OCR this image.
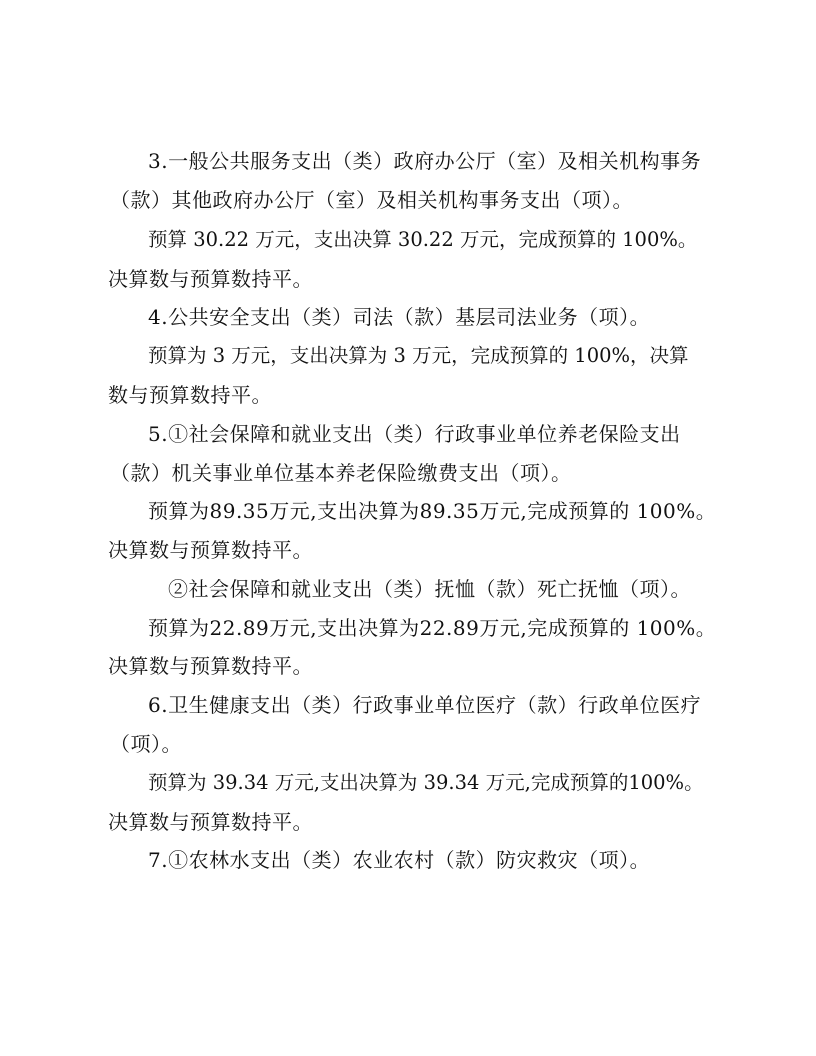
3.一般公共服务支出（类）政府办公厅（室）及相关机构事务
（款）其他政府办公厅（室）及相关机构事务支出（项）。
预算 30.22 万元，支出决算 30.22 万元，完成预算的 100%。
决算数与预算数持平。
4.公共安全支出（类）司法（款）基层司法业务（项）。
预算为 3 万元，支出决算为 3 万元，完成预算的 100%，决算
数与预算数持平。
5.①社会保障和就业支出（类）行政事业单位养老保险支出
（款）机关事业单位基本养老保险缴费支出（项）。
预算为89.35万元,支出决算为89.35万元,完成预算的 100%。
决算数与预算数持平。
②社会保障和就业支出（类）抚恤（款）死亡抚恤（项）。
预算为22.89万元,支出决算为22.89万元,完成预算的 100%。
决算数与预算数持平。
6.卫生健康支出（类）行政事业单位医疗（款）行政单位医疗
（项）。
预算为 39.34 万元,支出决算为 39.34 万元,完成预算的100%。
决算数与预算数持平。
7.①农林水支出（类）农业农村（款）防灾救灾（项）。
